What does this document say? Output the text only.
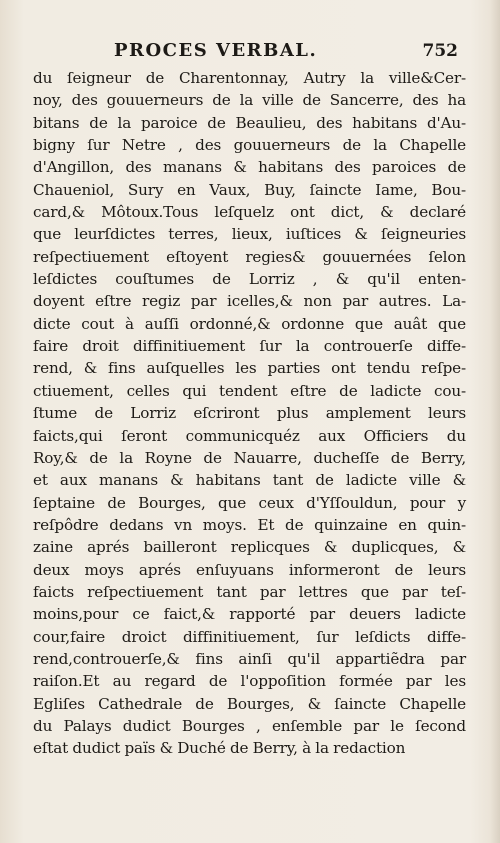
PROCES VERBAL.	752
du ſeigneur de Charentonnay, Autry la ville&Cer-
noy, des gouuerneurs de la ville de Sancerre, des ha
bitans de la paroice de Beaulieu, des habitans d'Au-
bigny ſur Netre , des gouuerneurs de la Chapelle
d'Angillon, des manans & habitans des paroices de
Chaueniol, Sury en Vaux, Buy, ſaincte Iame, Bou-
card,& Môtoux.Tous leſquelz ont dict, & declaré
que leurſdictes terres, lieux, iuſtices & ſeigneuries
reſpectiuement eſtoyent regies& gouuernées ſelon
leſdictes couſtumes de Lorriz , & qu'il enten-
doyent eſtre regiz par icelles,& non par autres. La-
dicte cout à auſſi ordonné,& ordonne que auât que
faire droit diffinitiuement ſur la controuerſe diffe-
rend, & fins auſquelles les parties ont tendu reſpe-
ctiuement, celles qui tendent eſtre de ladicte cou-
ſtume de Lorriz eſcriront plus amplement leurs
faicts,qui ſeront communicquéz aux Officiers du
Roy,& de la Royne de Nauarre, ducheſſe de Berry,
et aux manans & habitans tant de ladicte ville &
ſeptaine de Bourges, que ceux d'Yſſouldun, pour y
reſpôdre dedans vn moys. Et de quinzaine en quin-
zaine aprés bailleront replicques & duplicques, &
deux moys aprés enſuyuans informeront de leurs
faicts reſpectiuement tant par lettres que par teſ-
moins,pour ce faict,& rapporté par deuers ladicte
cour,faire droict diffinitiuement, ſur leſdicts diffe-
rend,controuerſe,& fins ainſi qu'il appartiẽdra par
raiſon.Et au regard de l'oppoſition formée par les
Egliſes Cathedrale de Bourges, & ſaincte Chapelle
du Palays dudict Bourges , enſemble par le ſecond
eſtat dudict païs & Duché de Berry, à la redaction
